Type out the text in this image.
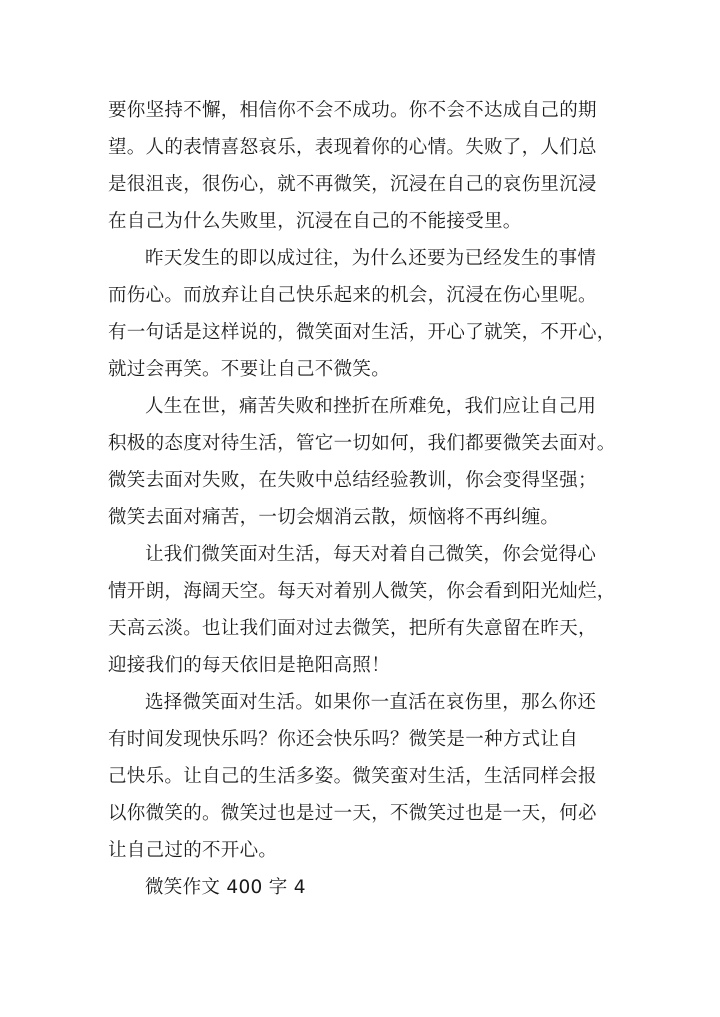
要你坚持不懈，相信你不会不成功。你不会不达成自己的期
望。人的表情喜怒哀乐，表现着你的心情。失败了，人们总
是很沮丧，很伤心，就不再微笑，沉浸在自己的哀伤里沉浸
在自己为什么失败里，沉浸在自己的不能接受里。
昨天发生的即以成过往，为什么还要为已经发生的事情
而伤心。而放弃让自己快乐起来的机会，沉浸在伤心里呢。
有一句话是这样说的，微笑面对生活，开心了就笑，不开心，
就过会再笑。不要让自己不微笑。
人生在世，痛苦失败和挫折在所难免，我们应让自己用
积极的态度对待生活，管它一切如何，我们都要微笑去面对。
微笑去面对失败，在失败中总结经验教训，你会变得坚强；
微笑去面对痛苦，一切会烟消云散，烦恼将不再纠缠。
让我们微笑面对生活，每天对着自己微笑，你会觉得心
情开朗，海阔天空。每天对着别人微笑，你会看到阳光灿烂，
天高云淡。也让我们面对过去微笑，把所有失意留在昨天，
迎接我们的每天依旧是艳阳高照！
选择微笑面对生活。如果你一直活在哀伤里，那么你还
有时间发现快乐吗？你还会快乐吗？微笑是一种方式让自
己快乐。让自己的生活多姿。微笑蛮对生活，生活同样会报
以你微笑的。微笑过也是过一天，不微笑过也是一天，何必
让自己过的不开心。
微笑作文 400 字 4
